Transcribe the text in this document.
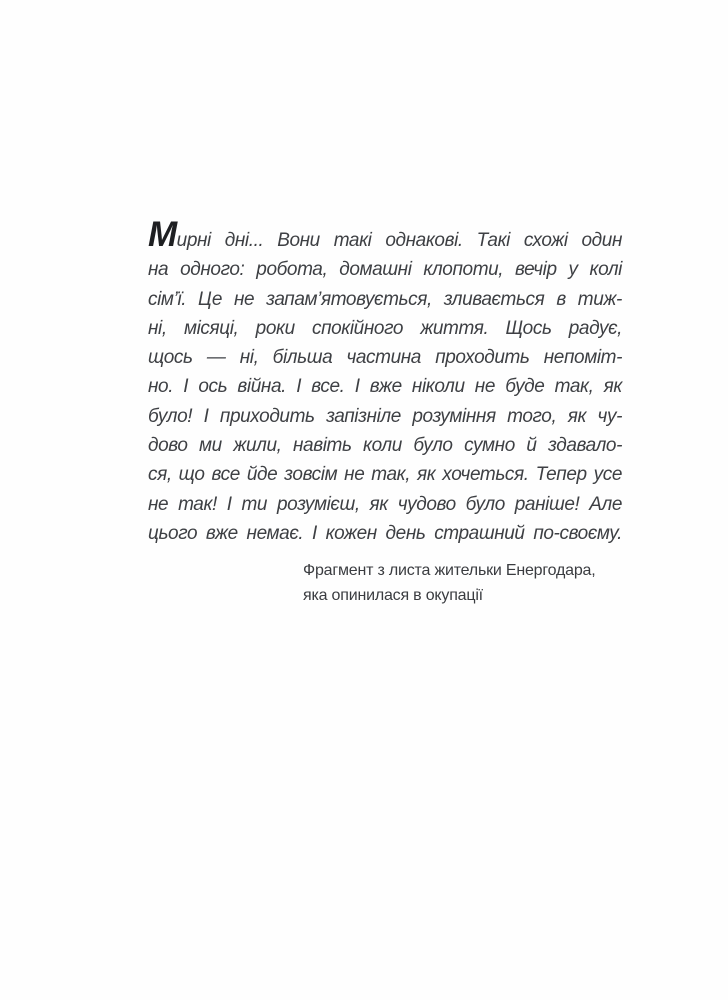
Мирні дні... Вони такі однакові. Такі схожі один
на одного: робота, домашні клопоти, вечір у колі
сім’ї. Це не запам’ятовується, зливається в тиж-
ні, місяці, роки спокійного життя. Щось радує,
щось — ні, більша частина проходить непоміт-
но. І ось війна. І все. І вже ніколи не буде так, як
було! І приходить запізніле розуміння того, як чу-
дово ми жили, навіть коли було сумно й здавало-
ся, що все йде зовсім не так, як хочеться. Тепер усе
не так! І ти розумієш, як чудово було раніше! Але
цього вже немає. І кожен день страшний по-своєму.
Фрагмент з листа жительки Енергодара,
яка опинилася в окупації
